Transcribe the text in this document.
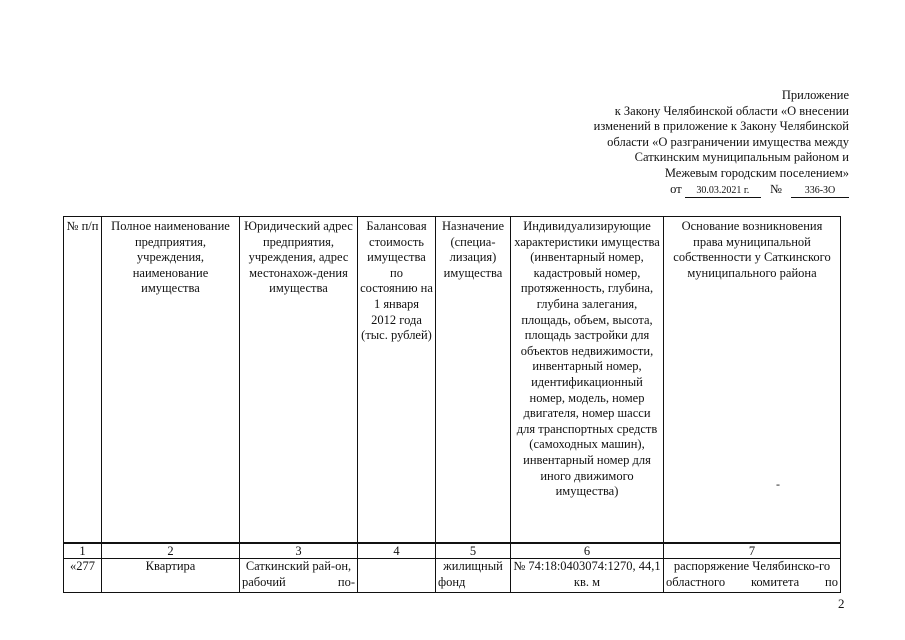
Приложение
к Закону Челябинской области «О внесении
изменений в приложение к Закону Челябинской
области «О разграничении имущества между
Саткинским муниципальным районом и
Межевым городским поселением»
от 30.03.2021 г. № 336-ЗО
№ п/п	Полное наименование предприятия, учреждения, наименование имущества	Юридический адрес предприятия, учреждения, адрес местонахож-дения имущества	Балансовая стоимость имущества по состоянию на 1 января 2012 года (тыс. рублей)	Назначение (специа-лизация) имущества	Индивидуализирующие характеристики имущества (инвентарный номер, кадастровый номер, протяженность, глубина, глубина залегания, площадь, объем, высота, площадь застройки для объектов недвижимости, инвентарный номер, идентификационный номер, модель, номер двигателя, номер шасси для транспортных средств (самоходных машин), инвентарный номер для иного движимого имущества)	Основание возникновения права муниципальной собственности у Саткинского муниципального района
1	2	3	4	5	6	7
«277	Квартира	Саткинский рай-он, рабочий по-		жилищный фонд	№ 74:18:0403074:1270, 44,1 кв. м	распоряжение Челябинско-го областного комитета по
-
2
